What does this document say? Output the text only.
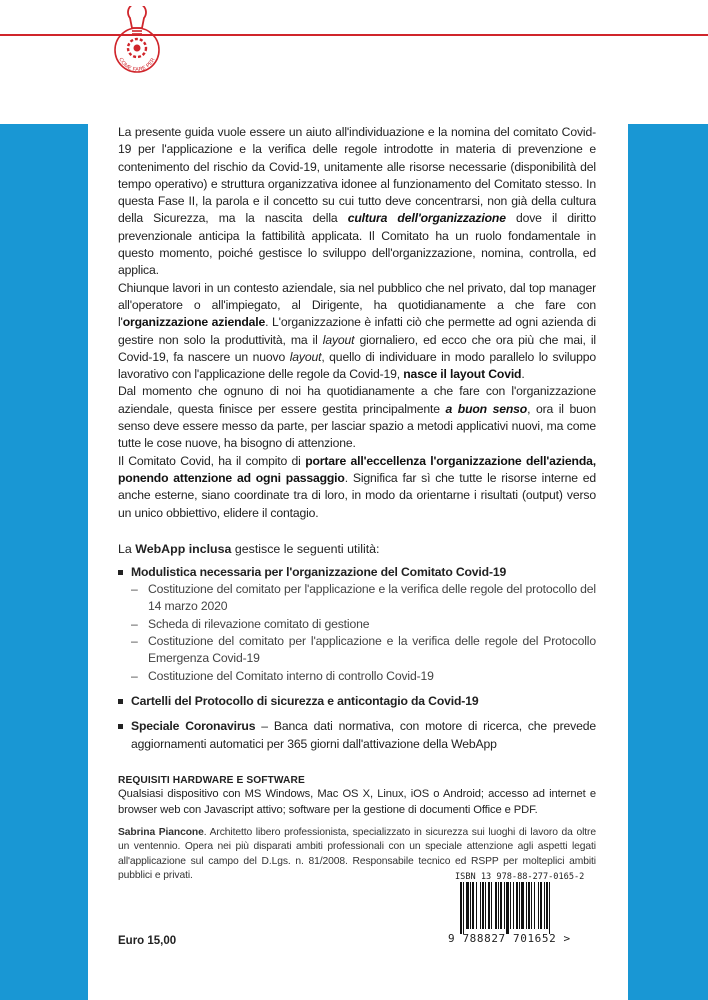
COME FARE PER

La presente guida vuole essere un aiuto all'individuazione e la nomina del comitato Covid-19 per l'applicazione e la verifica delle regole introdotte in materia di prevenzione e contenimento del rischio da Covid-19, unitamente alle risorse necessarie (disponibilità del tempo operativo) e struttura organizzativa idonee al funzionamento del Comitato stesso. In questa Fase II, la parola e il concetto su cui tutto deve concentrarsi, non già della cultura della Sicurezza, ma la nascita della cultura dell'organizzazione dove il diritto prevenzionale anticipa la fattibilità applicata. Il Comitato ha un ruolo fondamentale in questo momento, poiché gestisce lo sviluppo dell'organizzazione, nomina, controlla, ed applica.

Chiunque lavori in un contesto aziendale, sia nel pubblico che nel privato, dal top manager all'operatore o all'impiegato, al Dirigente, ha quotidianamente a che fare con l'organizzazione aziendale. L'organizzazione è infatti ciò che permette ad ogni azienda di gestire non solo la produttività, ma il layout giornaliero, ed ecco che ora più che mai, il Covid-19, fa nascere un nuovo layout, quello di individuare in modo parallelo lo sviluppo lavorativo con l'applicazione delle regole da Covid-19, nasce il layout Covid.

Dal momento che ognuno di noi ha quotidianamente a che fare con l'organizzazione aziendale, questa finisce per essere gestita principalmente a buon senso, ora il buon senso deve essere messo da parte, per lasciar spazio a metodi applicativi nuovi, ma come tutte le cose nuove, ha bisogno di attenzione.

Il Comitato Covid, ha il compito di portare all'eccellenza l'organizzazione dell'azienda, ponendo attenzione ad ogni passaggio. Significa far sì che tutte le risorse interne ed anche esterne, siano coordinate tra di loro, in modo da orientarne i risultati (output) verso un unico obbiettivo, elidere il contagio.

La WebApp inclusa gestisce le seguenti utilità:

Modulistica necessaria per l'organizzazione del Comitato Covid-19
– Costituzione del comitato per l'applicazione e la verifica delle regole del protocollo del 14 marzo 2020
– Scheda di rilevazione comitato di gestione
– Costituzione del comitato per l'applicazione e la verifica delle regole del Protocollo Emergenza Covid-19
– Costituzione del Comitato interno di controllo Covid-19
Cartelli del Protocollo di sicurezza e anticontagio da Covid-19
Speciale Coronavirus – Banca dati normativa, con motore di ricerca, che prevede aggiornamenti automatici per 365 giorni dall'attivazione della WebApp
REQUISITI HARDWARE E SOFTWARE

Qualsiasi dispositivo con MS Windows, Mac OS X, Linux, iOS o Android; accesso ad internet e browser web con Javascript attivo; software per la gestione di documenti Office e PDF.

Sabrina Piancone. Architetto libero professionista, specializzato in sicurezza sui luoghi di lavoro da oltre un ventennio. Opera nei più disparati ambiti professionali con un speciale attenzione agli aspetti legati all'applicazione sul campo del D.Lgs. n. 81/2008. Responsabile tecnico ed RSPP per molteplici ambiti pubblici e privati.	ISBN 13 978-88-277-0165-2
9 788827 701652 >
Euro 15,00
